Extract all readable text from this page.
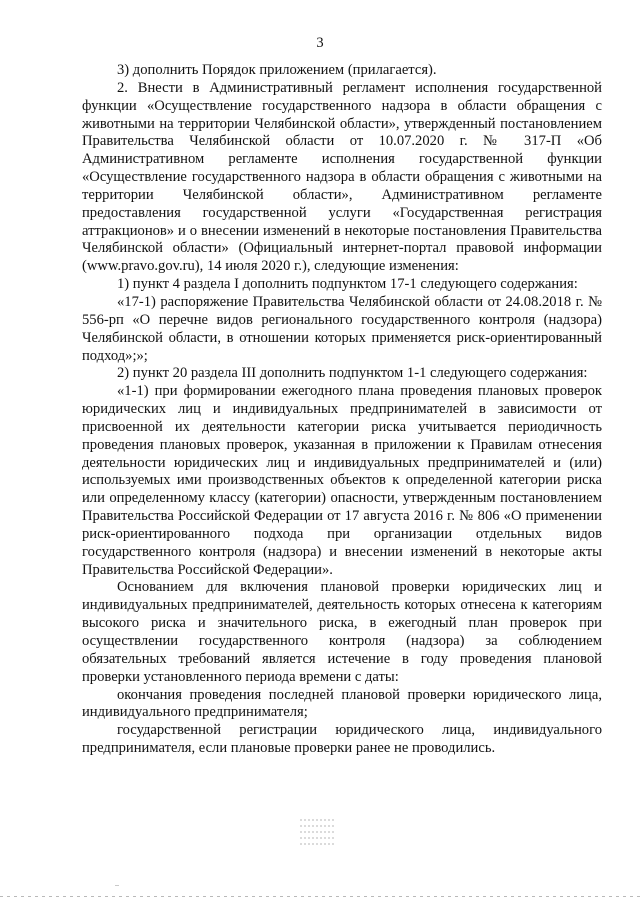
3

3) дополнить Порядок приложением (прилагается).

2. Внести в Административный регламент исполнения государственной функции «Осуществление государственного надзора в области обращения с животными на территории Челябинской области», утвержденный постановлением Правительства Челябинской области от 10.07.2020 г. № 317-П «Об Административном регламенте исполнения государственной функции «Осуществление государственного надзора в области обращения с животными на территории Челябинской области», Административном регламенте предоставления государственной услуги «Государственная регистрация аттракционов» и о внесении изменений в некоторые постановления Правительства Челябинской области» (Официальный интернет-портал правовой информации (www.pravo.gov.ru), 14 июля 2020 г.), следующие изменения:

1) пункт 4 раздела I дополнить подпунктом 17-1 следующего содержания:

«17-1) распоряжение Правительства Челябинской области от 24.08.2018 г. № 556-рп «О перечне видов регионального государственного контроля (надзора) Челябинской области, в отношении которых применяется риск-ориентированный подход»;»;

2) пункт 20 раздела III дополнить подпунктом 1-1 следующего содержания:

«1-1) при формировании ежегодного плана проведения плановых проверок юридических лиц и индивидуальных предпринимателей в зависимости от присвоенной их деятельности категории риска учитывается периодичность проведения плановых проверок, указанная в приложении к Правилам отнесения деятельности юридических лиц и индивидуальных предпринимателей и (или) используемых ими производственных объектов к определенной категории риска или определенному классу (категории) опасности, утвержденным постановлением Правительства Российской Федерации от 17 августа 2016 г. № 806 «О применении риск-ориентированного подхода при организации отдельных видов государственного контроля (надзора) и внесении изменений в некоторые акты Правительства Российской Федерации».

Основанием для включения плановой проверки юридических лиц и индивидуальных предпринимателей, деятельность которых отнесена к категориям высокого риска и значительного риска, в ежегодный план проверок при осуществлении государственного контроля (надзора) за соблюдением обязательных требований является истечение в году проведения плановой проверки установленного периода времени с даты:

окончания проведения последней плановой проверки юридического лица, индивидуального предпринимателя;

государственной регистрации юридического лица, индивидуального предпринимателя, если плановые проверки ранее не проводились.
